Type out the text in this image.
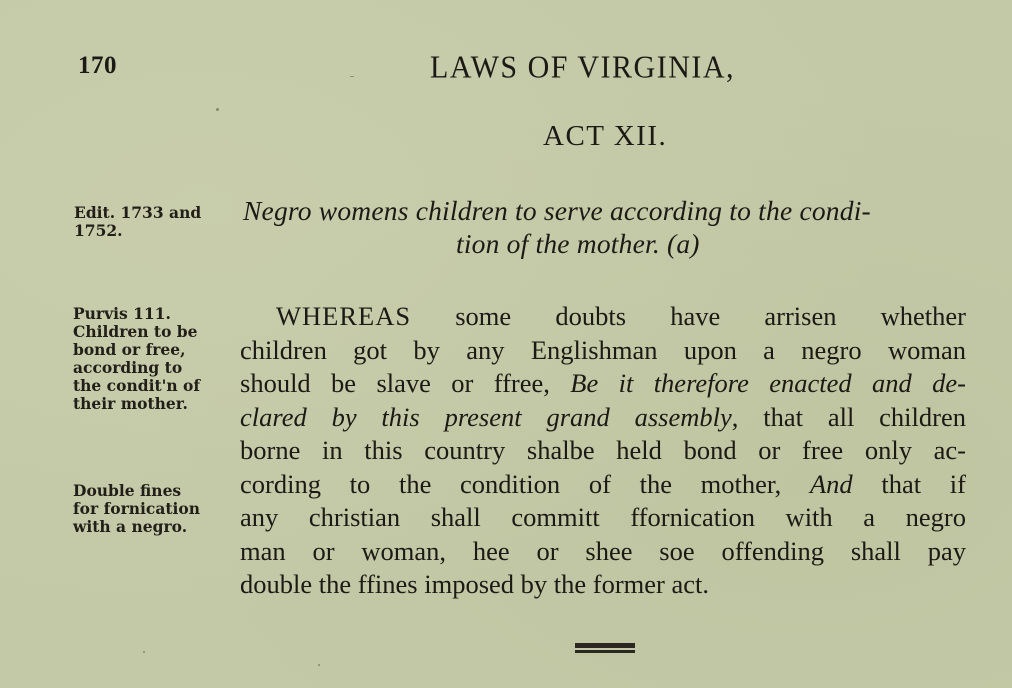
170	LAWS OF VIRGINIA,
ACT XII.
Edit. 1733 and
1752.
Negro womens children to serve according to the condi-
tion of the mother. (a)
Purvis 111.
Children to be
bond or free,
according to
the condit'n of
their mother.
Double fines
for fornication
with a negro.
WHEREAS some doubts have arrisen whether
children got by any Englishman upon a negro woman
should be slave or ffree, Be it therefore enacted and de-
clared by this present grand assembly, that all children
borne in this country shalbe held bond or free only ac-
cording to the condition of the mother, And that if
any christian shall committ ffornication with a negro
man or woman, hee or shee soe offending shall pay
double the ffines imposed by the former act.
